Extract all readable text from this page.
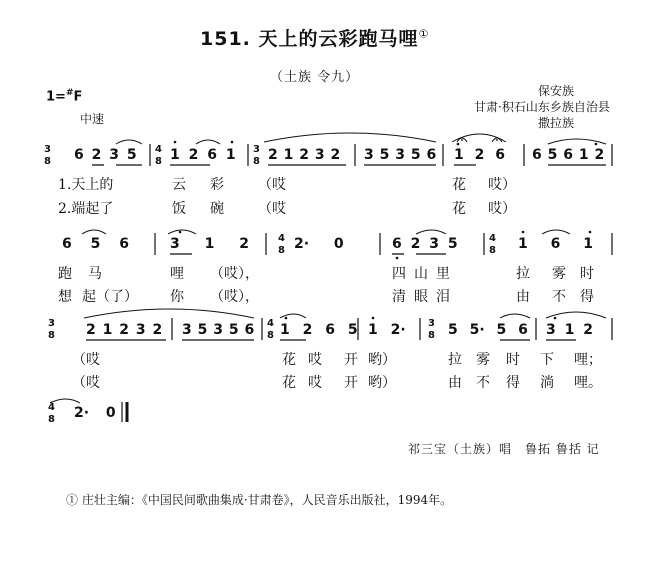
151. 天上的云彩跑马哩①
（土族 令九）
保安族
甘肃·积石山东乡族自治县
撒拉族
1=#F
中速
3
8 6 2 3 5 4
8 1 2 6 1 3
8 2 1 2 3 2 3 5 3 5 6 1 2 6 6 5 6 1 2
1.天上的	云 彩 （哎	花 哎）
2.端起了	饭 碗 （哎	花 哎）
6 5 6	3 1 2	4
8 2· 0	6 2 3 5	4
8 1 6 1
跑 马	哩 （哎），	四 山 里	拉 雾 时
想 起（了） 你 （哎），	清 眼 泪	由 不 得
3
8 2 1 2 3 2 3 5 3 5 6 4
8 1 2 6 5 1 2· 3
8 5 5· 5 6 3 1 2
（哎	花 哎 开 哟）	拉 雾 时 下 哩；
（哎	花 哎 开 哟）	由 不 得 淌 哩。
4
8 2· 0
祁三宝（土族）唱　鲁拓 鲁括 记
① 庄壮主编：《中国民间歌曲集成·甘肃卷》，人民音乐出版社，1994年。
